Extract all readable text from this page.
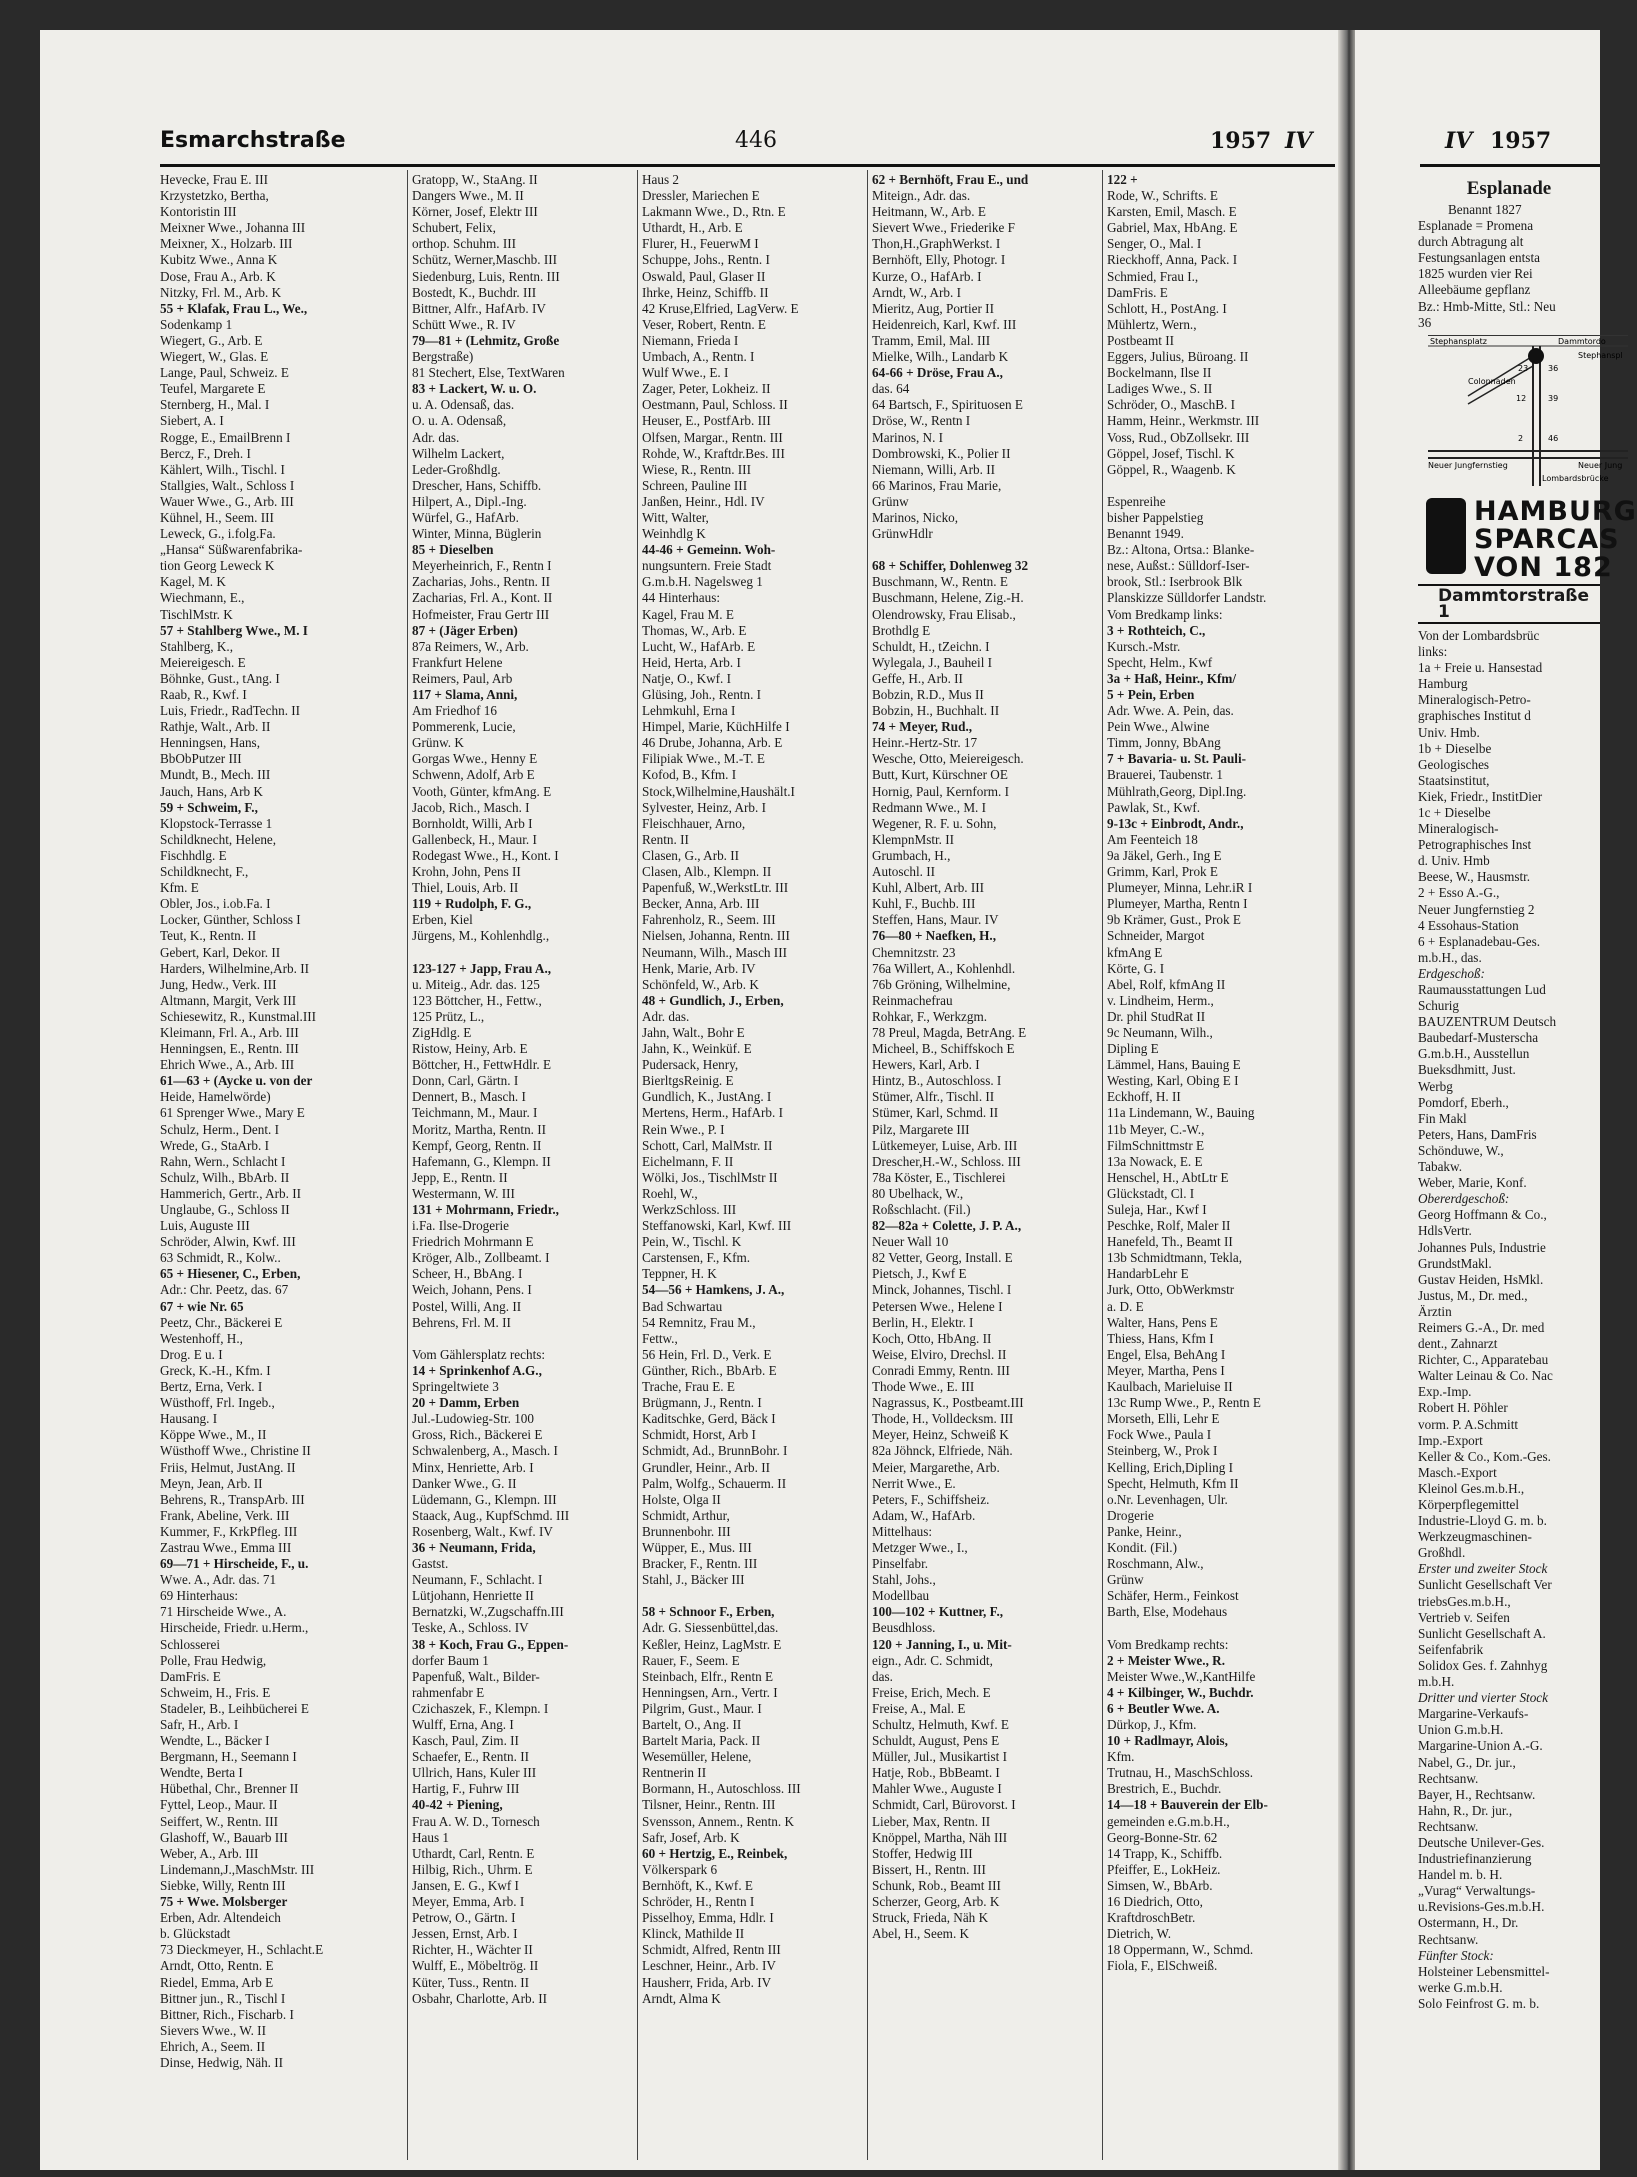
Esmarchstraße	446	1957 IV	IV 1957
Hevecke, Frau E. III
Krzystetzko, Bertha,
Kontoristin III
Meixner Wwe., Johanna III
Meixner, X., Holzarb. III
Kubitz Wwe., Anna K
Dose, Frau A., Arb. K
Nitzky, Frl. M., Arb. K
55 + Klafak, Frau L., We.,
Sodenkamp 1
Wiegert, G., Arb. E
Wiegert, W., Glas. E
Lange, Paul, Schweiz. E
Teufel, Margarete E
Sternberg, H., Mal. I
Siebert, A. I
Rogge, E., EmailBrenn I
Bercz, F., Dreh. I
Kählert, Wilh., Tischl. I
Stallgies, Walt., Schloss I
Wauer Wwe., G., Arb. III
Kühnel, H., Seem. III
Leweck, G., i.folg.Fa.
„Hansa“ Süßwarenfabrika-
tion Georg Leweck K
Kagel, M. K
Wiechmann, E.,
TischlMstr. K
57 + Stahlberg Wwe., M. I
Stahlberg, K.,
Meiereigesch. E
Böhnke, Gust., tAng. I
Raab, R., Kwf. I
Luis, Friedr., RadTechn. II
Rathje, Walt., Arb. II
Henningsen, Hans,
BbObPutzer III
Mundt, B., Mech. III
Jauch, Hans, Arb K
59 + Schweim, F.,
Klopstock-Terrasse 1
Schildknecht, Helene,
Fischhdlg. E
Schildknecht, F.,
Kfm. E
Obler, Jos., i.ob.Fa. I
Locker, Günther, Schloss I
Teut, K., Rentn. II
Gebert, Karl, Dekor. II
Harders, Wilhelmine,Arb. II
Jung, Hedw., Verk. III
Altmann, Margit, Verk III
Schiesewitz, R., Kunstmal.III
Kleimann, Frl. A., Arb. III
Henningsen, E., Rentn. III
Ehrich Wwe., A., Arb. III
61—63 + (Aycke u. von der
Heide, Hamelwörde)
61 Sprenger Wwe., Mary E
Schulz, Herm., Dent. I
Wrede, G., StaArb. I
Rahn, Wern., Schlacht I
Schulz, Wilh., BbArb. II
Hammerich, Gertr., Arb. II
Unglaube, G., Schloss II
Luis, Auguste III
Schröder, Alwin, Kwf. III
63 Schmidt, R., Kolw..
65 + Hiesener, C., Erben,
Adr.: Chr. Peetz, das. 67
67 + wie Nr. 65
Peetz, Chr., Bäckerei E
Westenhoff, H.,
Drog. E u. I
Greck, K.-H., Kfm. I
Bertz, Erna, Verk. I
Wüsthoff, Frl. Ingeb.,
Hausang. I
Köppe Wwe., M., II
Wüsthoff Wwe., Christine II
Friis, Helmut, JustAng. II
Meyn, Jean, Arb. II
Behrens, R., TranspArb. III
Frank, Abeline, Verk. III
Kummer, F., KrkPfleg. III
Zastrau Wwe., Emma III
69—71 + Hirscheide, F., u.
Wwe. A., Adr. das. 71
69 Hinterhaus:
71 Hirscheide Wwe., A.
Hirscheide, Friedr. u.Herm.,
Schlosserei
Polle, Frau Hedwig,
DamFris. E
Schweim, H., Fris. E
Stadeler, B., Leihbücherei E
Safr, H., Arb. I
Wendte, L., Bäcker I
Bergmann, H., Seemann I
Wendte, Berta I
Hübethal, Chr., Brenner II
Fyttel, Leop., Maur. II
Seiffert, W., Rentn. III
Glashoff, W., Bauarb III
Weber, A., Arb. III
Lindemann,J.,MaschMstr. III
Siebke, Willy, Rentn III
75 + Wwe. Molsberger
Erben, Adr. Altendeich
b. Glückstadt
73 Dieckmeyer, H., Schlacht.E
Arndt, Otto, Rentn. E
Riedel, Emma, Arb E
Bittner jun., R., Tischl I
Bittner, Rich., Fischarb. I
Sievers Wwe., W. II
Ehrich, A., Seem. II
Dinse, Hedwig, Näh. II
Gratopp, W., StaAng. II
Dangers Wwe., M. II
Körner, Josef, Elektr III
Schubert, Felix,
orthop. Schuhm. III
Schütz, Werner,Maschb. III
Siedenburg, Luis, Rentn. III
Bostedt, K., Buchdr. III
Bittner, Alfr., HafArb. IV
Schütt Wwe., R. IV
79—81 + (Lehmitz, Große
Bergstraße)
81 Stechert, Else, TextWaren
83 + Lackert, W. u. O.
u. A. Odensaß, das.
O. u. A. Odensaß,
Adr. das.
Wilhelm Lackert,
Leder-Großhdlg.
Drescher, Hans, Schiffb.
Hilpert, A., Dipl.-Ing.
Würfel, G., HafArb.
Winter, Minna, Büglerin
85 + Dieselben
Meyerheinrich, F., Rentn I
Zacharias, Johs., Rentn. II
Zacharias, Frl. A., Kont. II
Hofmeister, Frau Gertr III
87 + (Jäger Erben)
87a Reimers, W., Arb.
Frankfurt Helene
Reimers, Paul, Arb
117 + Slama, Anni,
Am Friedhof 16
Pommerenk, Lucie,
Grünw. K
Gorgas Wwe., Henny E
Schwenn, Adolf, Arb E
Vooth, Günter, kfmAng. E
Jacob, Rich., Masch. I
Bornholdt, Willi, Arb I
Gallenbeck, H., Maur. I
Rodegast Wwe., H., Kont. I
Krohn, John, Pens II
Thiel, Louis, Arb. II
119 + Rudolph, F. G.,
Erben, Kiel
Jürgens, M., Kohlenhdlg.,

123-127 + Japp, Frau A.,
u. Miteig., Adr. das. 125
123 Böttcher, H., Fettw.,
125 Prütz, L.,
ZigHdlg. E
Ristow, Heiny, Arb. E
Böttcher, H., FettwHdlr. E
Donn, Carl, Gärtn. I
Dennert, B., Masch. I
Teichmann, M., Maur. I
Moritz, Martha, Rentn. II
Kempf, Georg, Rentn. II
Hafemann, G., Klempn. II
Jepp, E., Rentn. II
Westermann, W. III
131 + Mohrmann, Friedr.,
i.Fa. Ilse-Drogerie
Friedrich Mohrmann E
Kröger, Alb., Zollbeamt. I
Scheer, H., BbAng. I
Weich, Johann, Pens. I
Postel, Willi, Ang. II
Behrens, Frl. M. II

Vom Gählersplatz rechts:
14 + Sprinkenhof A.G.,
Springeltwiete 3
20 + Damm, Erben
Jul.-Ludowieg-Str. 100
Gross, Rich., Bäckerei E
Schwalenberg, A., Masch. I
Minx, Henriette, Arb. I
Danker Wwe., G. II
Lüdemann, G., Klempn. III
Staack, Aug., KupfSchmd. III
Rosenberg, Walt., Kwf. IV
36 + Neumann, Frida,
Gastst.
Neumann, F., Schlacht. I
Lütjohann, Henriette II
Bernatzki, W.,Zugschaffn.III
Teske, A., Schloss. IV
38 + Koch, Frau G., Eppen-
dorfer Baum 1
Papenfuß, Walt., Bilder-
rahmenfabr E
Czichaszek, F., Klempn. I
Wulff, Erna, Ang. I
Kasch, Paul, Zim. II
Schaefer, E., Rentn. II
Ullrich, Hans, Kuler III
Hartig, F., Fuhrw III
40-42 + Piening,
Frau A. W. D., Tornesch
Haus 1
Uthardt, Carl, Rentn. E
Hilbig, Rich., Uhrm. E
Jansen, E. G., Kwf I
Meyer, Emma, Arb. I
Petrow, O., Gärtn. I
Jessen, Ernst, Arb. I
Richter, H., Wächter II
Wulff, E., Möbeltrög. II
Küter, Tuss., Rentn. II
Osbahr, Charlotte, Arb. II
Haus 2
Dressler, Mariechen E
Lakmann Wwe., D., Rtn. E
Uthardt, H., Arb. E
Flurer, H., FeuerwM I
Schuppe, Johs., Rentn. I
Oswald, Paul, Glaser II
Ihrke, Heinz, Schiffb. II
42 Kruse,Elfried, LagVerw. E
Veser, Robert, Rentn. E
Niemann, Frieda I
Umbach, A., Rentn. I
Wulf Wwe., E. I
Zager, Peter, Lokheiz. II
Oestmann, Paul, Schloss. II
Heuser, E., PostfArb. III
Olfsen, Margar., Rentn. III
Rohde, W., Kraftdr.Bes. III
Wiese, R., Rentn. III
Schreen, Pauline III
Janßen, Heinr., Hdl. IV
Witt, Walter,
Weinhdlg K
44-46 + Gemeinn. Woh-
nungsuntern. Freie Stadt
G.m.b.H. Nagelsweg 1
44 Hinterhaus:
Kagel, Frau M. E
Thomas, W., Arb. E
Lucht, W., HafArb. E
Heid, Herta, Arb. I
Natje, O., Kwf. I
Glüsing, Joh., Rentn. I
Lehmkuhl, Erna I
Himpel, Marie, KüchHilfe I
46 Drube, Johanna, Arb. E
Filipiak Wwe., M.-T. E
Kofod, B., Kfm. I
Stock,Wilhelmine,Haushält.I
Sylvester, Heinz, Arb. I
Fleischhauer, Arno,
Rentn. II
Clasen, G., Arb. II
Clasen, Alb., Klempn. II
Papenfuß, W.,WerkstLtr. III
Becker, Anna, Arb. III
Fahrenholz, R., Seem. III
Nielsen, Johanna, Rentn. III
Neumann, Wilh., Masch III
Henk, Marie, Arb. IV
Schönfeld, W., Arb. K
48 + Gundlich, J., Erben,
Adr. das.
Jahn, Walt., Bohr E
Jahn, K., Weinküf. E
Pudersack, Henry,
BierltgsReinig. E
Gundlich, K., JustAng. I
Mertens, Herm., HafArb. I
Rein Wwe., P. I
Schott, Carl, MalMstr. II
Eichelmann, F. II
Wölki, Jos., TischlMstr II
Roehl, W.,
WerkzSchloss. III
Steffanowski, Karl, Kwf. III
Pein, W., Tischl. K
Carstensen, F., Kfm.
Teppner, H. K
54—56 + Hamkens, J. A.,
Bad Schwartau
54 Remnitz, Frau M.,
Fettw.,
56 Hein, Frl. D., Verk. E
Günther, Rich., BbArb. E
Trache, Frau E. E
Brügmann, J., Rentn. I
Kaditschke, Gerd, Bäck I
Schmidt, Horst, Arb I
Schmidt, Ad., BrunnBohr. I
Grundler, Heinr., Arb. II
Palm, Wolfg., Schauerm. II
Holste, Olga II
Schmidt, Arthur,
Brunnenbohr. III
Wüpper, E., Mus. III
Bracker, F., Rentn. III
Stahl, J., Bäcker III

58 + Schnoor F., Erben,
Adr. G. Siessenbüttel,das.
Keßler, Heinz, LagMstr. E
Rauer, F., Seem. E
Steinbach, Elfr., Rentn E
Henningsen, Arn., Vertr. I
Pilgrim, Gust., Maur. I
Bartelt, O., Ang. II
Bartelt Maria, Pack. II
Wesemüller, Helene,
Rentnerin II
Bormann, H., Autoschloss. III
Tilsner, Heinr., Rentn. III
Svensson, Annem., Rentn. K
Safr, Josef, Arb. K
60 + Hertzig, E., Reinbek,
Völkerspark 6
Bernhöft, K., Kwf. E
Schröder, H., Rentn I
Pisselhoy, Emma, Hdlr. I
Klinck, Mathilde II
Schmidt, Alfred, Rentn III
Leschner, Heinr., Arb. IV
Hausherr, Frida, Arb. IV
Arndt, Alma K
62 + Bernhöft, Frau E., und
Miteign., Adr. das.
Heitmann, W., Arb. E
Sievert Wwe., Friederike F
Thon,H.,GraphWerkst. I
Bernhöft, Elly, Photogr. I
Kurze, O., HafArb. I
Arndt, W., Arb. I
Mieritz, Aug, Portier II
Heidenreich, Karl, Kwf. III
Tramm, Emil, Mal. III
Mielke, Wilh., Landarb K
64-66 + Dröse, Frau A.,
das. 64
64 Bartsch, F., Spirituosen E
Dröse, W., Rentn I
Marinos, N. I
Dombrowski, K., Polier II
Niemann, Willi, Arb. II
66 Marinos, Frau Marie,
Grünw
Marinos, Nicko,
GrünwHdlr

68 + Schiffer, Dohlenweg 32
Buschmann, W., Rentn. E
Buschmann, Helene, Zig.-H.
Olendrowsky, Frau Elisab.,
Brothdlg E
Schuldt, H., tZeichn. I
Wylegala, J., Bauheil I
Geffe, H., Arb. II
Bobzin, R.D., Mus II
Bobzin, H., Buchhalt. II
74 + Meyer, Rud.,
Heinr.-Hertz-Str. 17
Wesche, Otto, Meiereigesch.
Butt, Kurt, Kürschner OE
Hornig, Paul, Kernform. I
Redmann Wwe., M. I
Wegener, R. F. u. Sohn,
KlempnMstr. II
Grumbach, H.,
Autoschl. II
Kuhl, Albert, Arb. III
Kuhl, F., Buchb. III
Steffen, Hans, Maur. IV
76—80 + Naefken, H.,
Chemnitzstr. 23
76a Willert, A., Kohlenhdl.
76b Gröning, Wilhelmine,
Reinmachefrau
Rohkar, F., Werkzgm.
78 Preul, Magda, BetrAng. E
Micheel, B., Schiffskoch E
Hewers, Karl, Arb. I
Hintz, B., Autoschloss. I
Stümer, Alfr., Tischl. II
Stümer, Karl, Schmd. II
Pilz, Margarete III
Lütkemeyer, Luise, Arb. III
Drescher,H.-W., Schloss. III
78a Köster, E., Tischlerei
80 Ubelhack, W.,
Roßschlacht. (Fil.)
82—82a + Colette, J. P. A.,
Neuer Wall 10
82 Vetter, Georg, Install. E
Pietsch, J., Kwf E
Minck, Johannes, Tischl. I
Petersen Wwe., Helene I
Berlin, H., Elektr. I
Koch, Otto, HbAng. II
Weise, Elviro, Drechsl. II
Conradi Emmy, Rentn. III
Thode Wwe., E. III
Nagrassus, K., Postbeamt.III
Thode, H., Volldecksm. III
Meyer, Heinz, Schweiß K
82a Jöhnck, Elfriede, Näh.
Meier, Margarethe, Arb.
Nerrit Wwe., E.
Peters, F., Schiffsheiz.
Adam, W., HafArb.
Mittelhaus:
Metzger Wwe., I.,
Pinselfabr.
Stahl, Johs.,
Modellbau
100—102 + Kuttner, F.,
Beusdhloss.
120 + Janning, I., u. Mit-
eign., Adr. C. Schmidt,
das.
Freise, Erich, Mech. E
Freise, A., Mal. E
Schultz, Helmuth, Kwf. E
Schuldt, August, Pens E
Müller, Jul., Musikartist I
Hatje, Rob., BbBeamt. I
Mahler Wwe., Auguste I
Schmidt, Carl, Bürovorst. I
Lieber, Max, Rentn. II
Knöppel, Martha, Näh III
Stoffer, Hedwig III
Bissert, H., Rentn. III
Schunk, Rob., Beamt III
Scherzer, Georg, Arb. K
Struck, Frieda, Näh K
Abel, H., Seem. K
122 +
Rode, W., Schrifts. E
Karsten, Emil, Masch. E
Gabriel, Max, HbAng. E
Senger, O., Mal. I
Rieckhoff, Anna, Pack. I
Schmied, Frau I.,
DamFris. E
Schlott, H., PostAng. I
Mühlertz, Wern.,
Postbeamt II
Eggers, Julius, Büroang. II
Bockelmann, Ilse II
Ladiges Wwe., S. II
Schröder, O., MaschB. I
Hamm, Heinr., Werkmstr. III
Voss, Rud., ObZollsekr. III
Göppel, Josef, Tischl. K
Göppel, R., Waagenb. K

Espenreihe
bisher Pappelstieg
Benannt 1949.
Bz.: Altona, Ortsa.: Blanke-
nese, Außst.: Sülldorf-Iser-
brook, Stl.: Iserbrook Blk
Planskizze Sülldorfer Landstr.
Vom Bredkamp links:
3 + Rothteich, C.,
Kursch.-Mstr.
Specht, Helm., Kwf
3a + Haß, Heinr., Kfm/
5 + Pein, Erben
Adr. Wwe. A. Pein, das.
Pein Wwe., Alwine
Timm, Jonny, BbAng
7 + Bavaria- u. St. Pauli-
Brauerei, Taubenstr. 1
Mühlrath,Georg, Dipl.Ing.
Pawlak, St., Kwf.
9-13c + Einbrodt, Andr.,
Am Feenteich 18
9a Jäkel, Gerh., Ing E
Grimm, Karl, Prok E
Plumeyer, Minna, Lehr.iR I
Plumeyer, Martha, Rentn I
9b Krämer, Gust., Prok E
Schneider, Margot
kfmAng E
Körte, G. I
Abel, Rolf, kfmAng II
v. Lindheim, Herm.,
Dr. phil StudRat II
9c Neumann, Wilh.,
Dipling E
Lämmel, Hans, Bauing E
Westing, Karl, Obing E I
Eckhoff, H. II
11a Lindemann, W., Bauing
11b Meyer, C.-W.,
FilmSchnittmstr E
13a Nowack, E. E
Henschel, H., AbtLtr E
Glückstadt, Cl. I
Suleja, Har., Kwf I
Peschke, Rolf, Maler II
Hanefeld, Th., Beamt II
13b Schmidtmann, Tekla,
HandarbLehr E
Jurk, Otto, ObWerkmstr
a. D. E
Walter, Hans, Pens E
Thiess, Hans, Kfm I
Engel, Elsa, BehAng I
Meyer, Martha, Pens I
Kaulbach, Marieluise II
13c Rump Wwe., P., Rentn E
Morseth, Elli, Lehr E
Fock Wwe., Paula I
Steinberg, W., Prok I
Kelling, Erich,Dipling I
Specht, Helmuth, Kfm II
o.Nr. Levenhagen, Ulr.
Drogerie
Panke, Heinr.,
Kondit. (Fil.)
Roschmann, Alw.,
Grünw
Schäfer, Herm., Feinkost
Barth, Else, Modehaus

Vom Bredkamp rechts:
2 + Meister Wwe., R.
Meister Wwe.,W.,KantHilfe
4 + Kilbinger, W., Buchdr.
6 + Beutler Wwe. A.
Dürkop, J., Kfm.
10 + Radlmayr, Alois,
Kfm.
Trutnau, H., MaschSchloss.
Brestrich, E., Buchdr.
14—18 + Bauverein der Elb-
gemeinden e.G.m.b.H.,
Georg-Bonne-Str. 62
14 Trapp, K., Schiffb.
Pfeiffer, E., LokHeiz.
Simsen, W., BbArb.
16 Diedrich, Otto,
KraftdroschBetr.
Dietrich, W.
18 Oppermann, W., Schmd.
Fiola, F., ElSchweiß.
Esplanade
Benannt 1827
Esplanade = Promena
durch Abtragung alt
Festungsanlagen entsta
1825 wurden vier Rei
Alleebäume gepflanz
Bz.: Hmb-Mitte, Stl.: Neu
36
Stephansplatz	Dammtordo
Stephanspl
Colonnaden
23 36
12	39
2	46
Neuer Jungfernstieg	Neuer Jung
Lombardsbrücke
HAMBURG
SPARCAS
VON 182
Dammtorstraße 1
Von der Lombardsbrüc
links:
1a + Freie u. Hansestad
Hamburg
Mineralogisch-Petro-
graphisches Institut d
Univ. Hmb.
1b + Dieselbe
Geologisches
Staatsinstitut,
Kiek, Friedr., InstitDier
1c + Dieselbe
Mineralogisch-
Petrographisches Inst
d. Univ. Hmb
Beese, W., Hausmstr.
2 + Esso A.-G.,
Neuer Jungfernstieg 2
4 Essohaus-Station
6 + Esplanadebau-Ges.
m.b.H., das.
Erdgeschoß:
Raumausstattungen Lud
Schurig
BAUZENTRUM Deutsch
Baubedarf-Musterscha
G.m.b.H., Ausstellun
Bueksdhmitt, Just.
Werbg
Pomdorf, Eberh.,
Fin Makl
Peters, Hans, DamFris
Schönduwe, W.,
Tabakw.
Weber, Marie, Konf.
Obererdgeschoß:
Georg Hoffmann & Co.,
HdlsVertr.
Johannes Puls, Industrie
GrundstMakl.
Gustav Heiden, HsMkl.
Justus, M., Dr. med.,
Ärztin
Reimers G.-A., Dr. med
dent., Zahnarzt
Richter, C., Apparatebau
Walter Leinau & Co. Nac
Exp.-Imp.
Robert H. Pöhler
vorm. P. A.Schmitt
Imp.-Export
Keller & Co., Kom.-Ges.
Masch.-Export
Kleinol Ges.m.b.H.,
Körperpflegemittel
Industrie-Lloyd G. m. b.
Werkzeugmaschinen-
Großhdl.
Erster und zweiter Stock
Sunlicht Gesellschaft Ver
triebsGes.m.b.H.,
Vertrieb v. Seifen
Sunlicht Gesellschaft A.
Seifenfabrik
Solidox Ges. f. Zahnhyg
m.b.H.
Dritter und vierter Stock
Margarine-Verkaufs-
Union G.m.b.H.
Margarine-Union A.-G.
Nabel, G., Dr. jur.,
Rechtsanw.
Bayer, H., Rechtsanw.
Hahn, R., Dr. jur.,
Rechtsanw.
Deutsche Unilever-Ges.
Industriefinanzierung
Handel m. b. H.
„Vurag“ Verwaltungs-
u.Revisions-Ges.m.b.H.
Ostermann, H., Dr.
Rechtsanw.
Fünfter Stock:
Holsteiner Lebensmittel-
werke G.m.b.H.
Solo Feinfrost G. m. b.
